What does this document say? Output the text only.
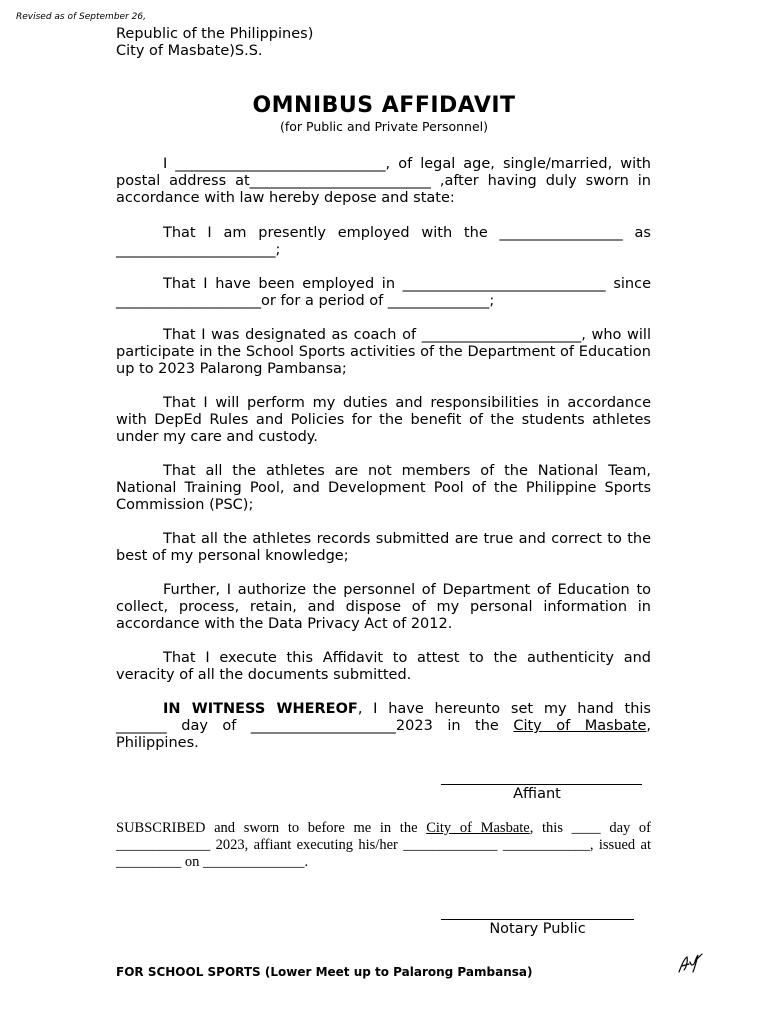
Revised as of September 26,
Republic of the Philippines)
City of Masbate)S.S.
OMNIBUS AFFIDAVIT
(for Public and Private Personnel)

I _____________________________, of legal age, single/married, with postal address at_________________________ ,after having duly sworn in accordance with law hereby depose and state:

That I am presently employed with the _________________ as ______________________;

That I have been employed in ____________________________ since ____________________or for a period of ______________;

That I was designated as coach of ______________________, who will participate in the School Sports activities of the Department of Education up to 2023 Palarong Pambansa;

That I will perform my duties and responsibilities in accordance with DepEd Rules and Policies for the benefit of the students athletes under my care and custody.

That all the athletes are not members of the National Team, National Training Pool, and Development Pool of the Philippine Sports Commission (PSC);

That all the athletes records submitted are true and correct to the best of my personal knowledge;

Further, I authorize the personnel of Department of Education to collect, process, retain, and dispose of my personal information in accordance with the Data Privacy Act of 2012.

That I execute this Affidavit to attest to the authenticity and veracity of all the documents submitted.

IN WITNESS WHEREOF, I have hereunto set my hand this _______ day of ____________________2023 in the City of Masbate, Philippines.

Affiant

SUBSCRIBED and sworn to before me in the City of Masbate, this ____ day of _____________ 2023, affiant executing his/her _____________ ____________, issued at _________ on ______________.

Notary Public
FOR SCHOOL SPORTS (Lower Meet up to Palarong Pambansa)
